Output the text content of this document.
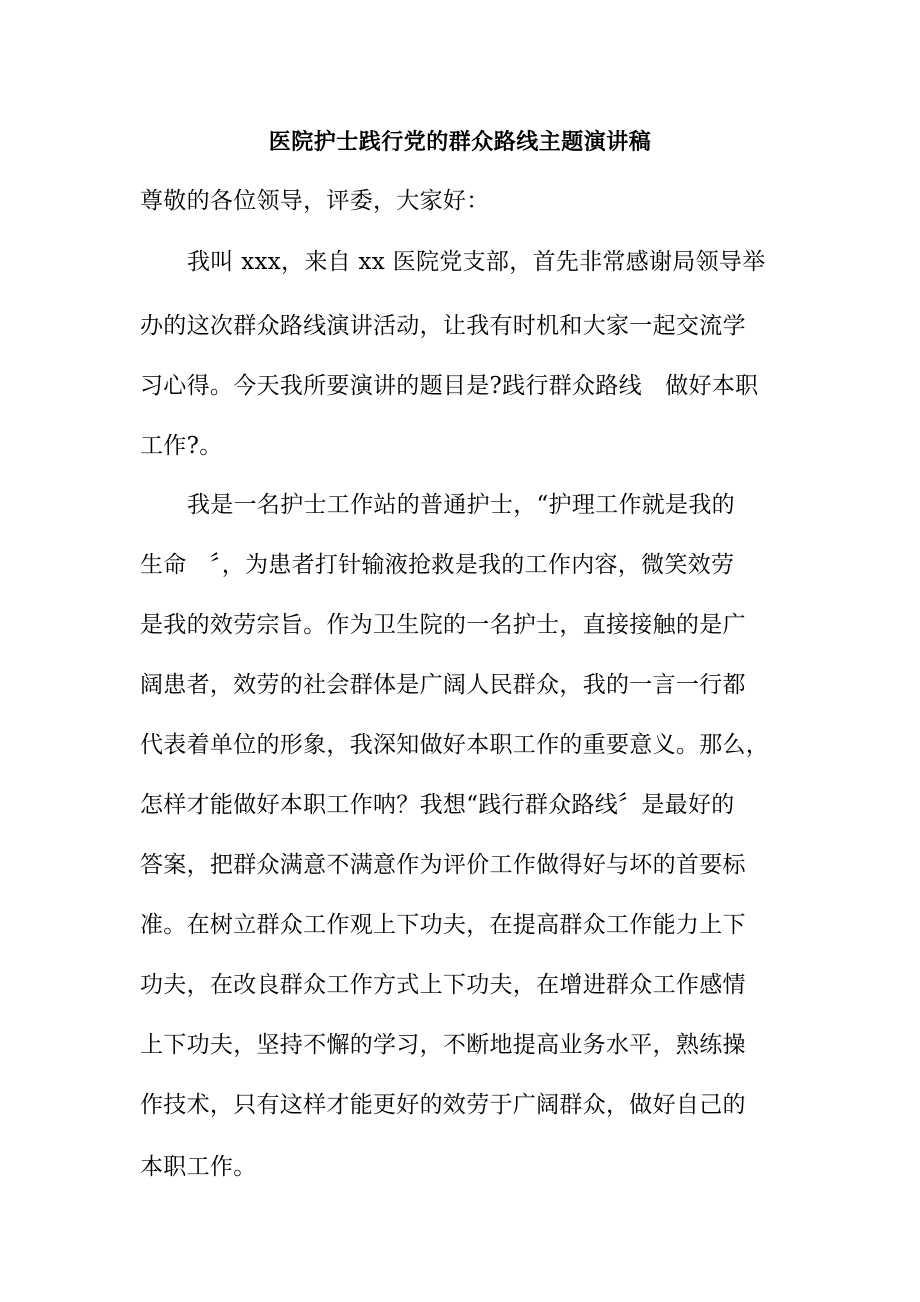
医院护士践行党的群众路线主题演讲稿
尊敬的各位领导，评委，大家好：
我叫 xxx，来自 xx 医院党支部，首先非常感谢局领导举
办的这次群众路线演讲活动，让我有时机和大家一起交流学
习心得。今天我所要演讲的题目是?践行群众路线　做好本职
工作?。
我是一名护士工作站的普通护士，“护理工作就是我的
生命　〞，为患者打针输液抢救是我的工作内容，微笑效劳
是我的效劳宗旨。作为卫生院的一名护士，直接接触的是广
阔患者，效劳的社会群体是广阔人民群众，我的一言一行都
代表着单位的形象，我深知做好本职工作的重要意义。那么，
怎样才能做好本职工作呐？我想“践行群众路线〞是最好的
答案，把群众满意不满意作为评价工作做得好与坏的首要标
准。在树立群众工作观上下功夫，在提高群众工作能力上下
功夫，在改良群众工作方式上下功夫，在增进群众工作感情
上下功夫，坚持不懈的学习，不断地提高业务水平，熟练操
作技术，只有这样才能更好的效劳于广阔群众，做好自己的
本职工作。
